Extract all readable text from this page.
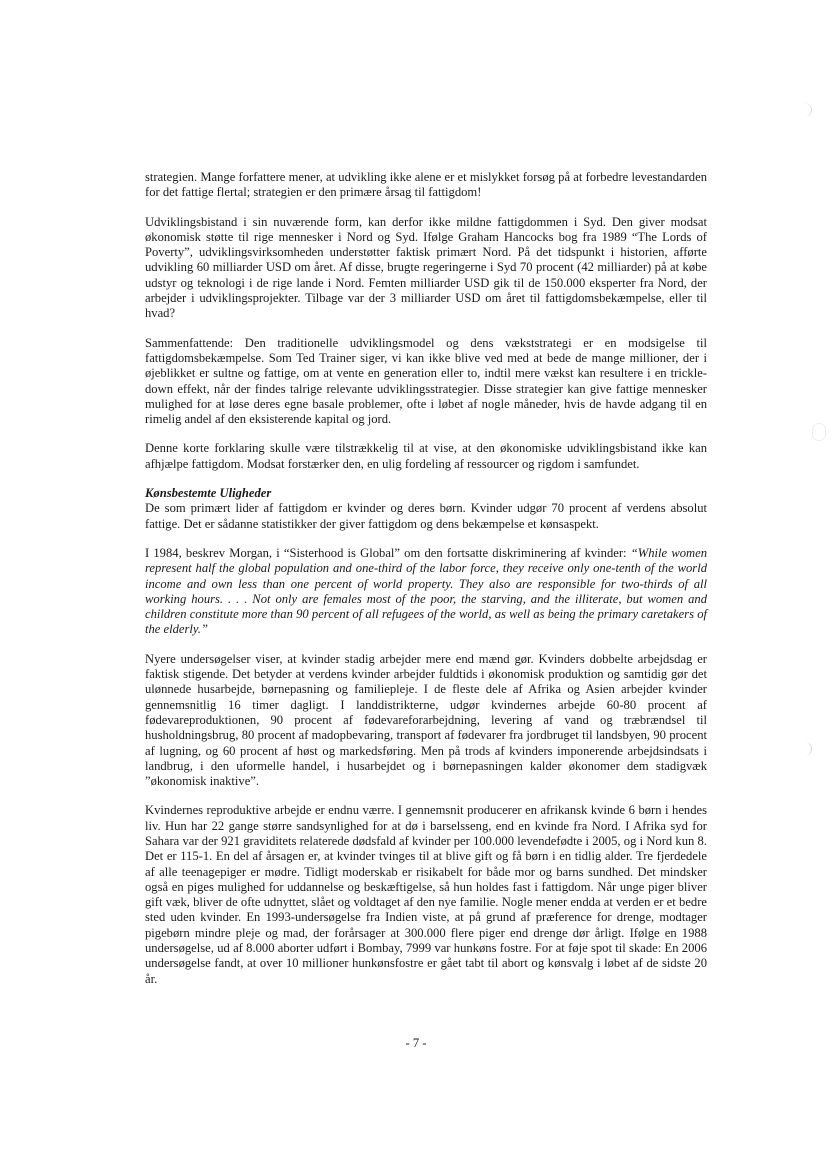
strategien. Mange forfattere mener, at udvikling ikke alene er et mislykket forsøg på at forbedre levestandarden for det fattige flertal; strategien er den primære årsag til fattigdom!

Udviklingsbistand i sin nuværende form, kan derfor ikke mildne fattigdommen i Syd. Den giver modsat økonomisk støtte til rige mennesker i Nord og Syd. Ifølge Graham Hancocks bog fra 1989 “The Lords of Poverty”, udviklingsvirksomheden understøtter faktisk primært Nord. På det tidspunkt i historien, afførte udvikling 60 milliarder USD om året. Af disse, brugte regeringerne i Syd 70 procent (42 milliarder) på at købe udstyr og teknologi i de rige lande i Nord. Femten milliarder USD gik til de 150.000 eksperter fra Nord, der arbejder i udviklingsprojekter. Tilbage var der 3 milliarder USD om året til fattigdomsbekæmpelse, eller til hvad?

Sammenfattende: Den traditionelle udviklingsmodel og dens vækststrategi er en modsigelse til fattigdomsbekæmpelse. Som Ted Trainer siger, vi kan ikke blive ved med at bede de mange millioner, der i øjeblikket er sultne og fattige, om at vente en generation eller to, indtil mere vækst kan resultere i en trickle-down effekt, når der findes talrige relevante udviklingsstrategier. Disse strategier kan give fattige mennesker mulighed for at løse deres egne basale problemer, ofte i løbet af nogle måneder, hvis de havde adgang til en rimelig andel af den eksisterende kapital og jord.

Denne korte forklaring skulle være tilstrækkelig til at vise, at den økonomiske udviklingsbistand ikke kan afhjælpe fattigdom. Modsat forstærker den, en ulig fordeling af ressourcer og rigdom i samfundet.

Kønsbestemte Uligheder
De som primært lider af fattigdom er kvinder og deres børn. Kvinder udgør 70 procent af verdens absolut fattige. Det er sådanne statistikker der giver fattigdom og dens bekæmpelse et kønsaspekt.

I 1984, beskrev Morgan, i “Sisterhood is Global” om den fortsatte diskriminering af kvinder: “While women represent half the global population and one-third of the labor force, they receive only one-tenth of the world income and own less than one percent of world property. They also are responsible for two-thirds of all working hours. . . . Not only are females most of the poor, the starving, and the illiterate, but women and children constitute more than 90 percent of all refugees of the world, as well as being the primary caretakers of the elderly.”

Nyere undersøgelser viser, at kvinder stadig arbejder mere end mænd gør. Kvinders dobbelte arbejdsdag er faktisk stigende. Det betyder at verdens kvinder arbejder fuldtids i økonomisk produktion og samtidig gør det ulønnede husarbejde, børnepasning og familiepleje. I de fleste dele af Afrika og Asien arbejder kvinder gennemsnitlig 16 timer dagligt. I landdistrikterne, udgør kvindernes arbejde 60-80 procent af fødevareproduktionen, 90 procent af fødevareforarbejdning, levering af vand og træbrændsel til husholdningsbrug, 80 procent af madopbevaring, transport af fødevarer fra jordbruget til landsbyen, 90 procent af lugning, og 60 procent af høst og markedsføring. Men på trods af kvinders imponerende arbejdsindsats i landbrug, i den uformelle handel, i husarbejdet og i børnepasningen kalder økonomer dem stadigvæk ”økonomisk inaktive”.

Kvindernes reproduktive arbejde er endnu værre. I gennemsnit producerer en afrikansk kvinde 6 børn i hendes liv. Hun har 22 gange større sandsynlighed for at dø i barselsseng, end en kvinde fra Nord. I Afrika syd for Sahara var der 921 graviditets relaterede dødsfald af kvinder per 100.000 levendefødte i 2005, og i Nord kun 8. Det er 115-1. En del af årsagen er, at kvinder tvinges til at blive gift og få børn i en tidlig alder. Tre fjerdedele af alle teenagepiger er mødre. Tidligt moderskab er risikabelt for både mor og barns sundhed. Det mindsker også en piges mulighed for uddannelse og beskæftigelse, så hun holdes fast i fattigdom. Når unge piger bliver gift væk, bliver de ofte udnyttet, slået og voldtaget af den nye familie. Nogle mener endda at verden er et bedre sted uden kvinder. En 1993-undersøgelse fra Indien viste, at på grund af præference for drenge, modtager pigebørn mindre pleje og mad, der forårsager at 300.000 flere piger end drenge dør årligt. Ifølge en 1988 undersøgelse, ud af 8.000 aborter udført i Bombay, 7999 var hunkøns fostre. For at føje spot til skade: En 2006 undersøgelse fandt, at over 10 millioner hunkønsfostre er gået tabt til abort og kønsvalg i løbet af de sidste 20 år.

- 7 -
